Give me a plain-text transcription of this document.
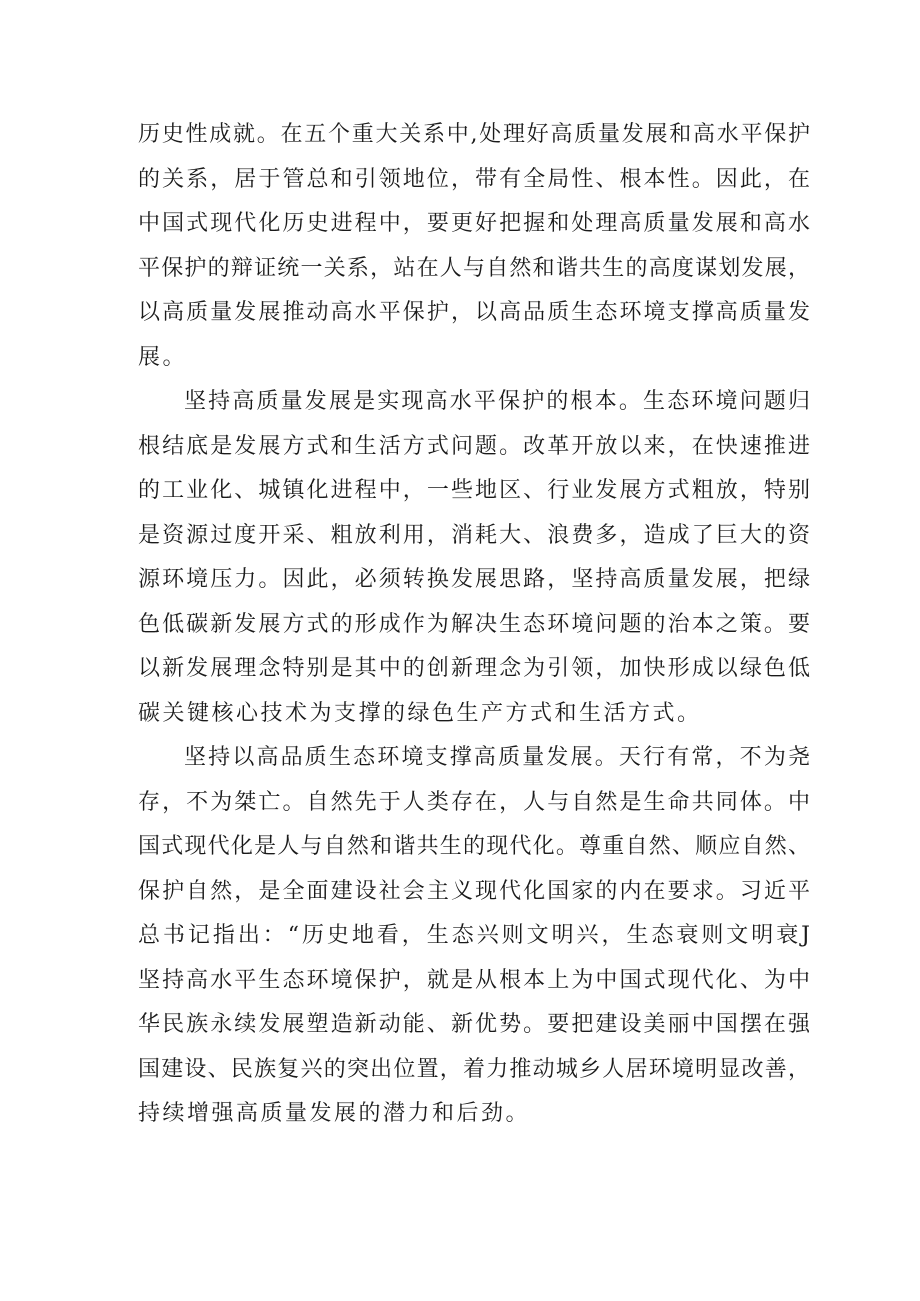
历史性成就。在五个重大关系中,处理好高质量发展和高水平保护
的关系，居于管总和引领地位，带有全局性、根本性。因此，在
中国式现代化历史进程中，要更好把握和处理高质量发展和高水
平保护的辩证统一关系，站在人与自然和谐共生的高度谋划发展，
以高质量发展推动高水平保护，以高品质生态环境支撑高质量发
展。
坚持高质量发展是实现高水平保护的根本。生态环境问题归
根结底是发展方式和生活方式问题。改革开放以来，在快速推进
的工业化、城镇化进程中，一些地区、行业发展方式粗放，特别
是资源过度开采、粗放利用，消耗大、浪费多，造成了巨大的资
源环境压力。因此，必须转换发展思路，坚持高质量发展，把绿
色低碳新发展方式的形成作为解决生态环境问题的治本之策。要
以新发展理念特别是其中的创新理念为引领，加快形成以绿色低
碳关键核心技术为支撑的绿色生产方式和生活方式。
坚持以高品质生态环境支撑高质量发展。天行有常，不为尧
存，不为桀亡。自然先于人类存在，人与自然是生命共同体。中
国式现代化是人与自然和谐共生的现代化。尊重自然、顺应自然、
保护自然，是全面建设社会主义现代化国家的内在要求。习近平
总书记指出：“历史地看，生态兴则文明兴，生态衰则文明衰J
坚持高水平生态环境保护，就是从根本上为中国式现代化、为中
华民族永续发展塑造新动能、新优势。要把建设美丽中国摆在强
国建设、民族复兴的突出位置，着力推动城乡人居环境明显改善，
持续增强高质量发展的潜力和后劲。
